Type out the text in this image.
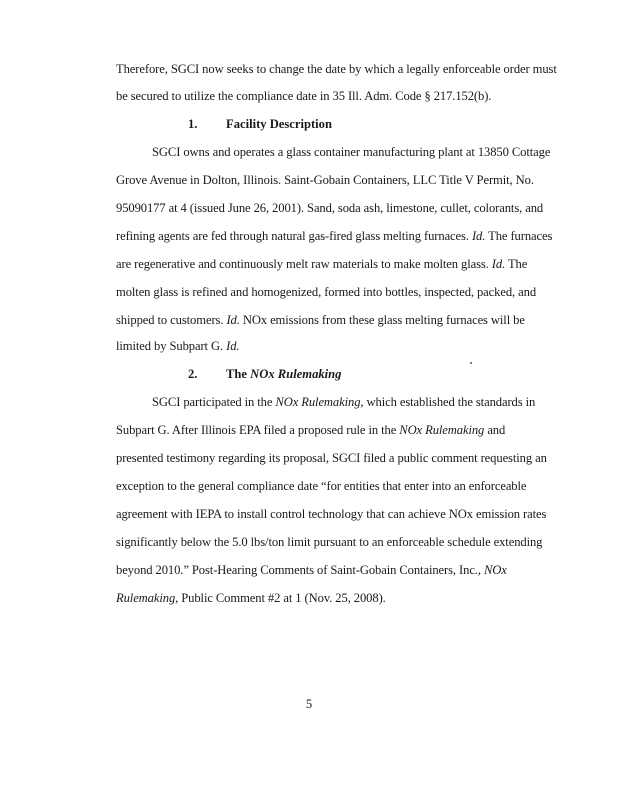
Therefore, SGCI now seeks to change the date by which a legally enforceable order must
be secured to utilize the compliance date in 35 Ill. Adm. Code § 217.152(b).
1. Facility Description
SGCI owns and operates a glass container manufacturing plant at 13850 Cottage
Grove Avenue in Dolton, Illinois. Saint-Gobain Containers, LLC Title V Permit, No.
95090177 at 4 (issued June 26, 2001). Sand, soda ash, limestone, cullet, colorants, and
refining agents are fed through natural gas-fired glass melting furnaces. Id. The furnaces
are regenerative and continuously melt raw materials to make molten glass. Id. The
molten glass is refined and homogenized, formed into bottles, inspected, packed, and
shipped to customers. Id. NOx emissions from these glass melting furnaces will be
limited by Subpart G. Id.
2. The NOx Rulemaking
SGCI participated in the NOx Rulemaking, which established the standards in
Subpart G. After Illinois EPA filed a proposed rule in the NOx Rulemaking and
presented testimony regarding its proposal, SGCI filed a public comment requesting an
exception to the general compliance date “for entities that enter into an enforceable
agreement with IEPA to install control technology that can achieve NOx emission rates
significantly below the 5.0 lbs/ton limit pursuant to an enforceable schedule extending
beyond 2010.” Post-Hearing Comments of Saint-Gobain Containers, Inc., NOx
Rulemaking, Public Comment #2 at 1 (Nov. 25, 2008).
5
